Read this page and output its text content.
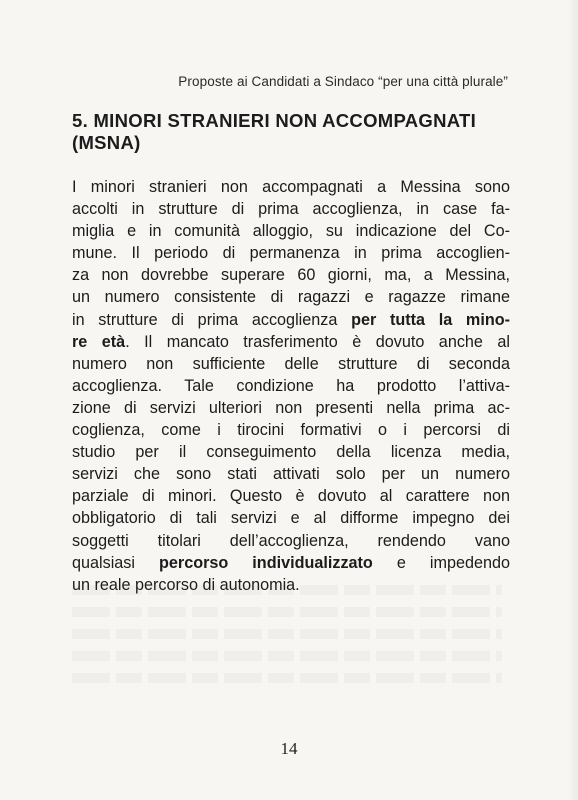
Proposte ai Candidati a Sindaco “per una città plurale”
5. MINORI STRANIERI NON ACCOMPAGNATI (MSNA)
I minori stranieri non accompagnati a Messina sono
accolti in strutture di prima accoglienza, in case fa-
miglia e in comunità alloggio, su indicazione del Co-
mune. Il periodo di permanenza in prima accoglien-
za non dovrebbe superare 60 giorni, ma, a Messina,
un numero consistente di ragazzi e ragazze rimane
in strutture di prima accoglienza per tutta la mino-
re età. Il mancato trasferimento è dovuto anche al
numero non sufficiente delle strutture di seconda
accoglienza. Tale condizione ha prodotto l’attiva-
zione di servizi ulteriori non presenti nella prima ac-
coglienza, come i tirocini formativi o i percorsi di
studio per il conseguimento della licenza media,
servizi che sono stati attivati solo per un numero
parziale di minori. Questo è dovuto al carattere non
obbligatorio di tali servizi e al difforme impegno dei
soggetti titolari dell’accoglienza, rendendo vano
qualsiasi percorso individualizzato e impedendo
un reale percorso di autonomia.
14
